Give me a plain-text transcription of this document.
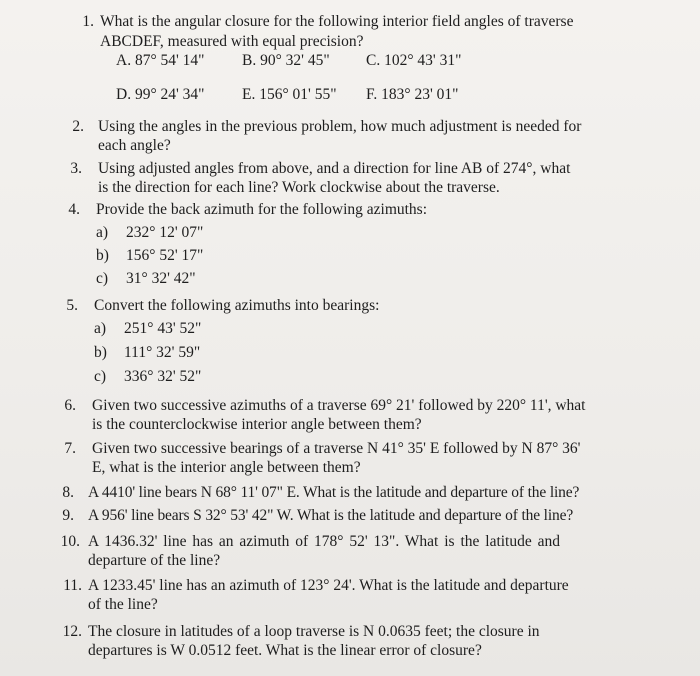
1. What is the angular closure for the following interior field angles of traverse
ABCDEF, measured with equal precision?
A. 87° 54' 14" B. 90° 32' 45" C. 102° 43' 31"
D. 99° 24' 34" E. 156° 01' 55" F. 183° 23' 01"
2. Using the angles in the previous problem, how much adjustment is needed for
each angle?
3. Using adjusted angles from above, and a direction for line AB of 274°, what
is the direction for each line? Work clockwise about the traverse.
4. Provide the back azimuth for the following azimuths:
a) 232° 12' 07"
b) 156° 52' 17"
c) 31° 32' 42"
5. Convert the following azimuths into bearings:
a) 251° 43' 52"
b) 111° 32' 59"
c) 336° 32' 52"
6. Given two successive azimuths of a traverse 69° 21' followed by 220° 11', what
is the counterclockwise interior angle between them?
7. Given two successive bearings of a traverse N 41° 35' E followed by N 87° 36'
E, what is the interior angle between them?
8. A 4410' line bears N 68° 11' 07" E. What is the latitude and departure of the line?
9. A 956' line bears S 32° 53' 42" W. What is the latitude and departure of the line?
10. A 1436.32' line has an azimuth of 178° 52' 13". What is the latitude and
departure of the line?
11. A 1233.45' line has an azimuth of 123° 24'. What is the latitude and departure
of the line?
12. The closure in latitudes of a loop traverse is N 0.0635 feet; the closure in
departures is W 0.0512 feet. What is the linear error of closure?
